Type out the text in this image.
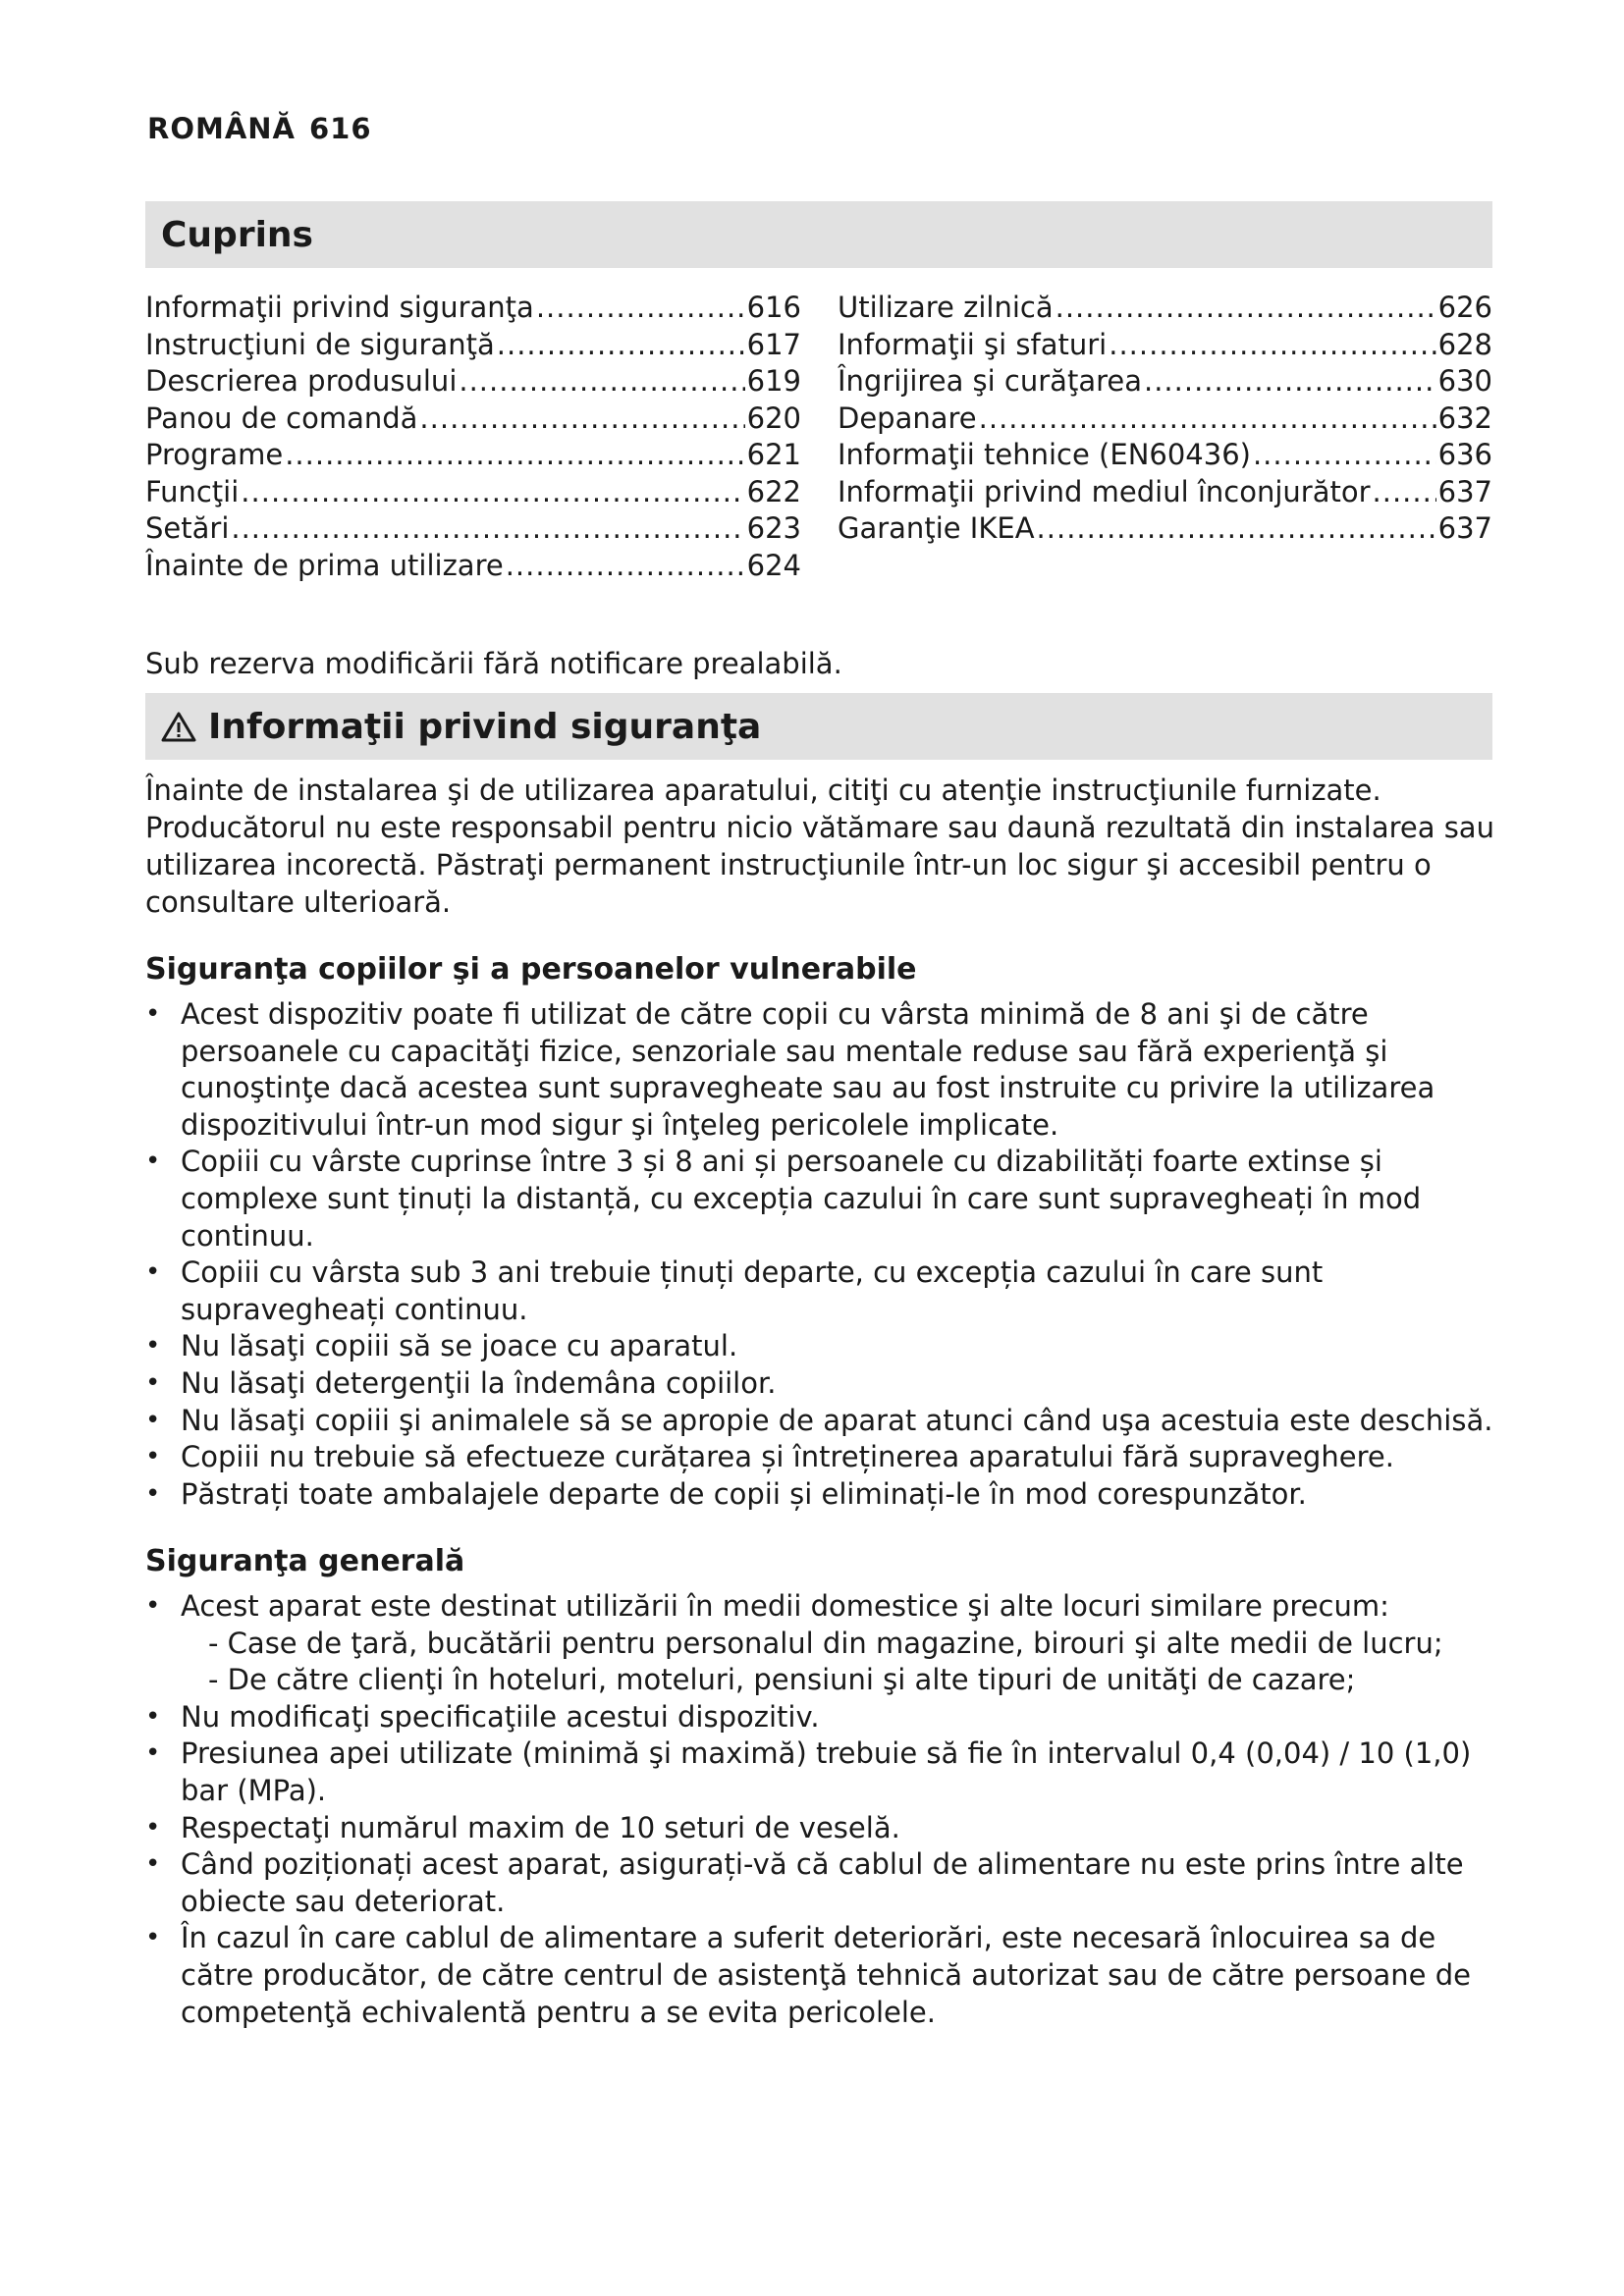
ROMÂNĂ 616
Cuprins
Informaţii privind siguranţa .....	616
Instrucţiuni de siguranţă .....	617
Descrierea produsului .....	619
Panou de comandă .....	620
Programe .....	621
Funcţii .....	622
Setări .....	623
Înainte de prima utilizare .....	624
Utilizare zilnică .....	626
Informaţii şi sfaturi .....	628
Îngrijirea şi curăţarea .....	630
Depanare .....	632
Informaţii tehnice (EN60436) .....	636
Informaţii privind mediul înconjurător ..... 637
Garanţie IKEA .....	637
Sub rezerva modificării fără notificare prealabilă.
Informaţii privind siguranţa
Înainte de instalarea şi de utilizarea aparatului, citiţi cu atenţie instrucţiunile furnizate. Producătorul nu este responsabil pentru nicio vătămare sau daună rezultată din instalarea sau utilizarea incorectă. Păstraţi permanent instrucţiunile într-un loc sigur şi accesibil pentru o consultare ulterioară.
Siguranţa copiilor şi a persoanelor vulnerabile
• Acest dispozitiv poate fi utilizat de către copii cu vârsta minimă de 8 ani şi de către persoanele cu capacităţi fizice, senzoriale sau mentale reduse sau fără experienţă şi cunoştinţe dacă acestea sunt supravegheate sau au fost instruite cu privire la utilizarea dispozitivului într-un mod sigur şi înţeleg pericolele implicate.
• Copiii cu vârste cuprinse între 3 și 8 ani și persoanele cu dizabilități foarte extinse și complexe sunt ținuți la distanță, cu excepția cazului în care sunt supravegheați în mod continuu.
• Copiii cu vârsta sub 3 ani trebuie ținuți departe, cu excepția cazului în care sunt supravegheați continuu.
• Nu lăsaţi copiii să se joace cu aparatul.
• Nu lăsaţi detergenţii la îndemâna copiilor.
• Nu lăsaţi copiii şi animalele să se apropie de aparat atunci când uşa acestuia este deschisă.
• Copiii nu trebuie să efectueze curățarea și întreținerea aparatului fără supraveghere.
• Păstrați toate ambalajele departe de copii și eliminați-le în mod corespunzător.
Siguranţa generală
• Acest aparat este destinat utilizării în medii domestice şi alte locuri similare precum:
- Case de ţară, bucătării pentru personalul din magazine, birouri şi alte medii de lucru;
- De către clienţi în hoteluri, moteluri, pensiuni şi alte tipuri de unităţi de cazare;
• Nu modificaţi specificaţiile acestui dispozitiv.
• Presiunea apei utilizate (minimă şi maximă) trebuie să fie în intervalul 0,4 (0,04) / 10 (1,0) bar (MPa).
• Respectaţi numărul maxim de 10 seturi de veselă.
• Când poziționați acest aparat, asigurați-vă că cablul de alimentare nu este prins între alte obiecte sau deteriorat.
• În cazul în care cablul de alimentare a suferit deteriorări, este necesară înlocuirea sa de către producător, de către centrul de asistenţă tehnică autorizat sau de către persoane de competenţă echivalentă pentru a se evita pericolele.
